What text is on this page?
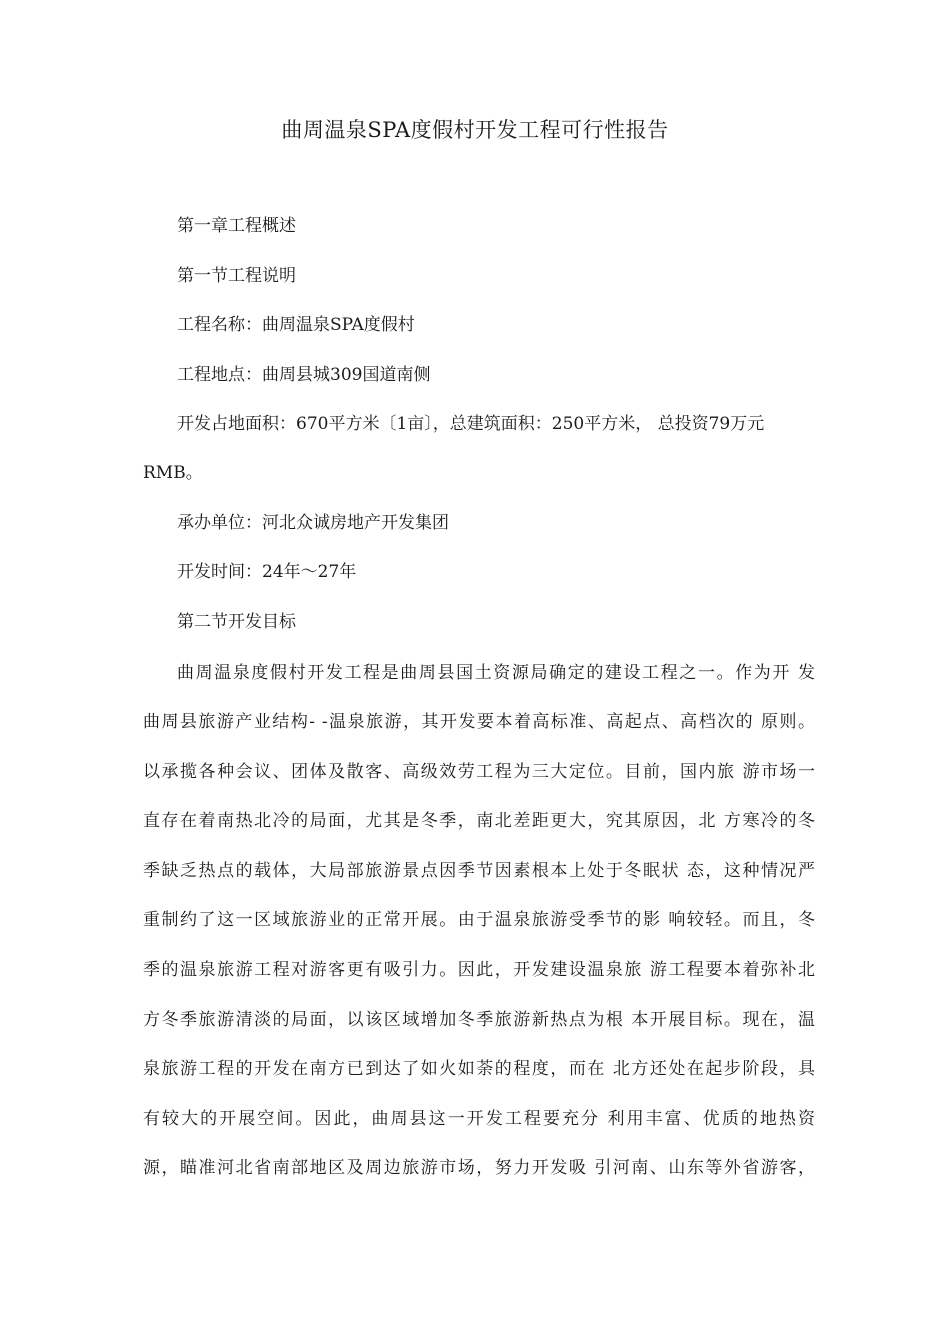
曲周温泉SPA度假村开发工程可行性报告
第一章工程概述
第一节工程说明
工程名称：曲周温泉SPA度假村
工程地点：曲周县城309国道南侧
开发占地面积：670平方米〔1亩〕，总建筑面积：250平方米， 总投资79万元
RMB。
承办单位：河北众诚房地产开发集团
开发时间：24年〜27年
第二节开发目标
曲周温泉度假村开发工程是曲周县国土资源局确定的建设工程之一。作为开 发
曲周县旅游产业结构- -温泉旅游，其开发要本着高标准、高起点、高档次的 原则。
以承揽各种会议、团体及散客、高级效劳工程为三大定位。目前，国内旅 游市场一
直存在着南热北冷的局面，尤其是冬季，南北差距更大，究其原因，北 方寒冷的冬
季缺乏热点的载体，大局部旅游景点因季节因素根本上处于冬眠状 态，这种情况严
重制约了这一区域旅游业的正常开展。由于温泉旅游受季节的影 响较轻。而且，冬
季的温泉旅游工程对游客更有吸引力。因此，开发建设温泉旅 游工程要本着弥补北
方冬季旅游清淡的局面，以该区域增加冬季旅游新热点为根 本开展目标。现在，温
泉旅游工程的开发在南方已到达了如火如荼的程度，而在 北方还处在起步阶段，具
有较大的开展空间。因此，曲周县这一开发工程要充分 利用丰富、优质的地热资
源，瞄准河北省南部地区及周边旅游市场，努力开发吸 引河南、山东等外省游客，
